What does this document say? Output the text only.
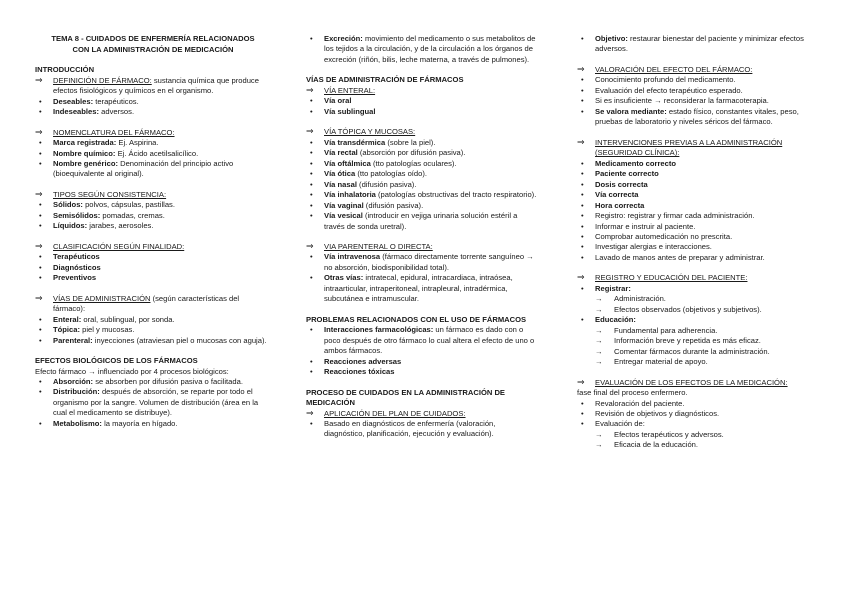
TEMA 8 - CUIDADOS DE ENFERMERÍA RELACIONADOS
CON LA ADMINISTRACIÓN DE MEDICACIÓN

INTRODUCCIÓN

⇒	DEFINICIÓN DE FÁRMACO: sustancia química que produce efectos fisiológicos y químicos en el organismo.
• Deseables: terapéuticos.
• Indeseables: adversos.
⇒	NOMENCLATURA DEL FÁRMACO:
• Marca registrada: Ej. Aspirina.
• Nombre químico: Ej. Ácido acetilsalicílico.
• Nombre genérico: Denominación del principio activo (bioequivalente al original).
⇒	TIPOS SEGÚN CONSISTENCIA:
• Sólidos: polvos, cápsulas, pastillas.
• Semisólidos: pomadas, cremas.
• Líquidos: jarabes, aerosoles.
⇒	CLASIFICACIÓN SEGÚN FINALIDAD:
• Terapéuticos
• Diagnósticos
• Preventivos
⇒	VÍAS DE ADMINISTRACIÓN (según características del fármaco):
• Enteral: oral, sublingual, por sonda.
• Tópica: piel y mucosas.
• Parenteral: inyecciones (atraviesan piel o mucosas con aguja).

EFECTOS BIOLÓGICOS DE LOS FÁRMACOS

Efecto fármaco → influenciado por 4 procesos biológicos:

• Absorción: se absorben por difusión pasiva o facilitada.
• Distribución: después de absorción, se reparte por todo el organismo por la sangre. Volumen de distribución (área en la cual el medicamento se distribuye).
• Metabolismo: la mayoría en hígado.
• Excreción: movimiento del medicamento o sus metabolitos de los tejidos a la circulación, y de la circulación a los órganos de excreción (riñón, bilis, leche materna, a través de pulmones).

VÍAS DE ADMINISTRACIÓN DE FÁRMACOS

⇒	VÍA ENTERAL:
• Vía oral
• Vía sublingual
⇒	VÍA TÓPICA Y MUCOSAS:
• Vía transdérmica (sobre la piel).
• Vía rectal (absorción por difusión pasiva).
• Vía oftálmica (tto patologías oculares).
• Vía ótica (tto patologías oído).
• Vía nasal (difusión pasiva).
• Vía inhalatoria (patologías obstructivas del tracto respiratorio).
• Vía vaginal (difusión pasiva).
• Vía vesical (introducir en vejiga urinaria solución estéril a través de sonda uretral).
⇒	VIA PARENTERAL O DIRECTA:
• Vía intravenosa (fármaco directamente torrente sanguíneo → no absorción, biodisponibilidad total).
• Otras vías: intratecal, epidural, intracardiaca, intraósea, intraarticular, intraperitoneal, intrapleural, intradérmica, subcutánea e intramuscular.

PROBLEMAS RELACIONADOS CON EL USO DE FÁRMACOS

• Interacciones farmacológicas: un fármaco es dado con o poco después de otro fármaco lo cual altera el efecto de uno o ambos fármacos.
• Reacciones adversas
• Reacciones tóxicas

PROCESO DE CUIDADOS EN LA ADMINISTRACIÓN DE MEDICACIÓN

⇒	APLICACIÓN DEL PLAN DE CUIDADOS:
• Basado en diagnósticos de enfermería (valoración, diagnóstico, planificación, ejecución y evaluación).
• Objetivo: restaurar bienestar del paciente y minimizar efectos adversos.
⇒	VALORACIÓN DEL EFECTO DEL FÁRMACO:
• Conocimiento profundo del medicamento.
• Evaluación del efecto terapéutico esperado.
• Si es insuficiente → reconsiderar la farmacoterapia.
• Se valora mediante: estado físico, constantes vitales, peso, pruebas de laboratorio y niveles séricos del fármaco.
⇒	INTERVENCIONES PREVIAS A LA ADMINISTRACIÓN (SEGURIDAD CLÍNICA):
• Medicamento correcto
• Paciente correcto
• Dosis correcta
• Vía correcta
• Hora correcta
• Registro: registrar y firmar cada administración.
• Informar e instruir al paciente.
• Comprobar automedicación no prescrita.
• Investigar alergias e interacciones.
• Lavado de manos antes de preparar y administrar.
⇒	REGISTRO Y EDUCACIÓN DEL PACIENTE:
• Registrar:
→ Administración.
→ Efectos observados (objetivos y subjetivos).
• Educación:
→ Fundamental para adherencia.
→ Información breve y repetida es más eficaz.
→ Comentar fármacos durante la administración.
→ Entregar material de apoyo.
⇒	EVALUACIÓN DE LOS EFECTOS DE LA MEDICACIÓN:

fase final del proceso enfermero.

• Revaloración del paciente.
• Revisión de objetivos y diagnósticos.
• Evaluación de:
→ Efectos terapéuticos y adversos.
→ Eficacia de la educación.
